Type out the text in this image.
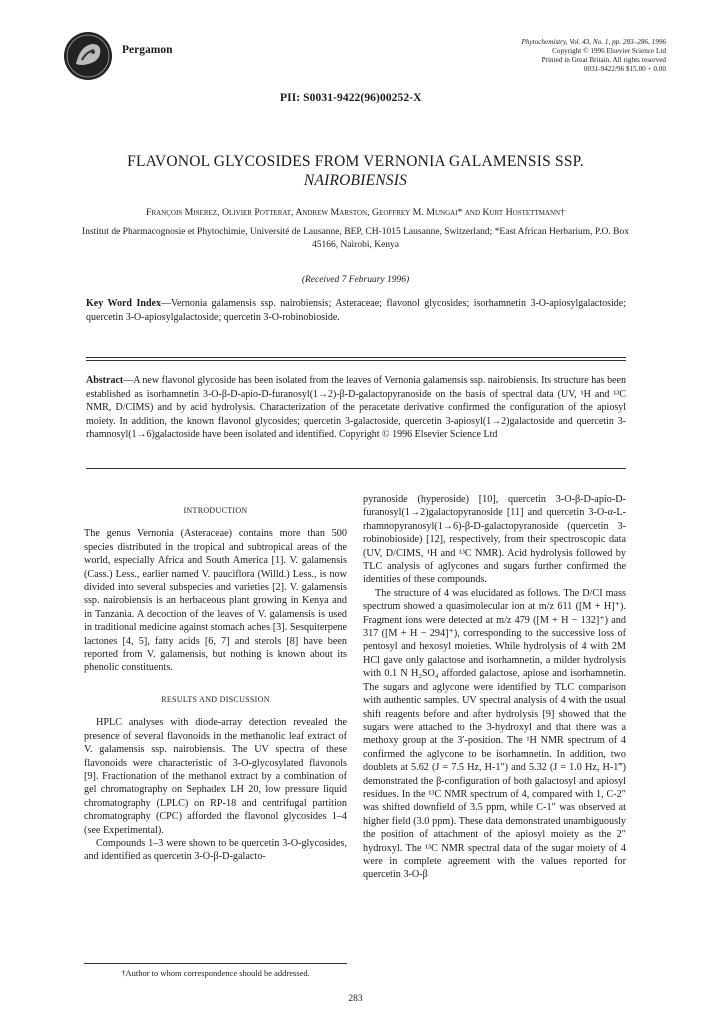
Pergamon
PII: S0031-9422(96)00252-X
Phytochemistry, Vol. 43, No. 1, pp. 283–286, 1996
Copyright © 1996 Elsevier Science Ltd
Printed in Great Britain. All rights reserved
0031-9422/96 $15.00 + 0.00
FLAVONOL GLYCOSIDES FROM VERNONIA GALAMENSIS SSP.
NAIROBIENSIS
François Miserez, Olivier Potterat, Andrew Marston, Geoffrey M. Mungai* and Kurt Hostettmann†
Institut de Pharmacognosie et Phytochimie, Université de Lausanne, BEP, CH-1015 Lausanne, Switzerland; *East African Herbarium, P.O. Box 45166, Nairobi, Kenya
(Received 7 February 1996)
Key Word Index—Vernonia galamensis ssp. nairobiensis; Asteraceae; flavonol glycosides; isorhamnetin 3-O-apiosylgalactoside; quercetin 3-O-apiosylgalactoside; quercetin 3-O-robinobioside.
Abstract—A new flavonol glycoside has been isolated from the leaves of Vernonia galamensis ssp. nairobiensis. Its structure has been established as isorhamnetin 3-O-β-D-apio-D-furanosyl(1→2)-β-D-galactopyranoside on the basis of spectral data (UV, ¹H and ¹³C NMR, D/CIMS) and by acid hydrolysis. Characterization of the peracetate derivative confirmed the configuration of the apiosyl moiety. In addition, the known flavonol glycosides; quercetin 3-galactoside, quercetin 3-apiosyl(1→2)galactoside and quercetin 3-rhamnosyl(1→6)galactoside have been isolated and identified. Copyright © 1996 Elsevier Science Ltd
INTRODUCTION

The genus Vernonia (Asteraceae) contains more than 500 species distributed in the tropical and subtropical areas of the world, especially Africa and South America [1]. V. galamensis (Cass.) Less., earlier named V. pauciflora (Willd.) Less., is now divided into several subspecies and varieties [2]. V. galamensis ssp. nairobiensis is an herbaceous plant growing in Kenya and in Tanzania. A decoction of the leaves of V. galamensis is used in traditional medicine against stomach aches [3]. Sesquiterpene lactones [4, 5], fatty acids [6, 7] and sterols [8] have been reported from V. galamensis, but nothing is known about its phenolic constituents.

RESULTS AND DISCUSSION

HPLC analyses with diode-array detection revealed the presence of several flavonoids in the methanolic leaf extract of V. galamensis ssp. nairobiensis. The UV spectra of these flavonoids were characteristic of 3-O-glycosylated flavonols [9]. Fractionation of the methanol extract by a combination of gel chromatography on Sephadex LH 20, low pressure liquid chromatography (LPLC) on RP-18 and centrifugal partition chromatography (CPC) afforded the flavonol glycosides 1–4 (see Experimental).

Compounds 1–3 were shown to be quercetin 3-O-glycosides, and identified as quercetin 3-O-β-D-galacto-

pyranoside (hyperoside) [10], quercetin 3-O-β-D-apio-D-furanosyl(1→2)galactopyranoside [11] and quercetin 3-O-α-L-rhamnopyranosyl(1→6)-β-D-galactopyranoside (quercetin 3-robinobioside) [12], respectively, from their spectroscopic data (UV, D/CIMS, ¹H and ¹³C NMR). Acid hydrolysis followed by TLC analysis of aglycones and sugars further confirmed the identities of these compounds.

The structure of 4 was elucidated as follows. The D/CI mass spectrum showed a quasimolecular ion at m/z 611 ([M + H]⁺). Fragment ions were detected at m/z 479 ([M + H − 132]⁺) and 317 ([M + H − 294]⁺), corresponding to the successive loss of pentosyl and hexosyl moieties. While hydrolysis of 4 with 2M HCl gave only galactose and isorhamnetin, a milder hydrolysis with 0.1 N H₂SO₄ afforded galactose, apiose and isorhamnetin. The sugars and aglycone were identified by TLC comparison with authentic samples. UV spectral analysis of 4 with the usual shift reagents before and after hydrolysis [9] showed that the sugars were attached to the 3-hydroxyl and that there was a methoxy group at the 3′-position. The ¹H NMR spectrum of 4 confirmed the aglycone to be isorhamnetin. In addition, two doublets at 5.62 (J = 7.5 Hz, H-1″) and 5.32 (J = 1.0 Hz, H-1‴) demonstrated the β-configuration of both galactosyl and apiosyl residues. In the ¹³C NMR spectrum of 4, compared with 1, C-2″ was shifted downfield of 3.5 ppm, while C-1″ was observed at higher field (3.0 ppm). These data demonstrated unambiguously the position of attachment of the apiosyl moiety as the 2″ hydroxyl. The ¹³C NMR spectral data of the sugar moiety of 4 were in complete agreement with the values reported for quercetin 3-O-β

†Author to whom correspondence should be addressed.
283
